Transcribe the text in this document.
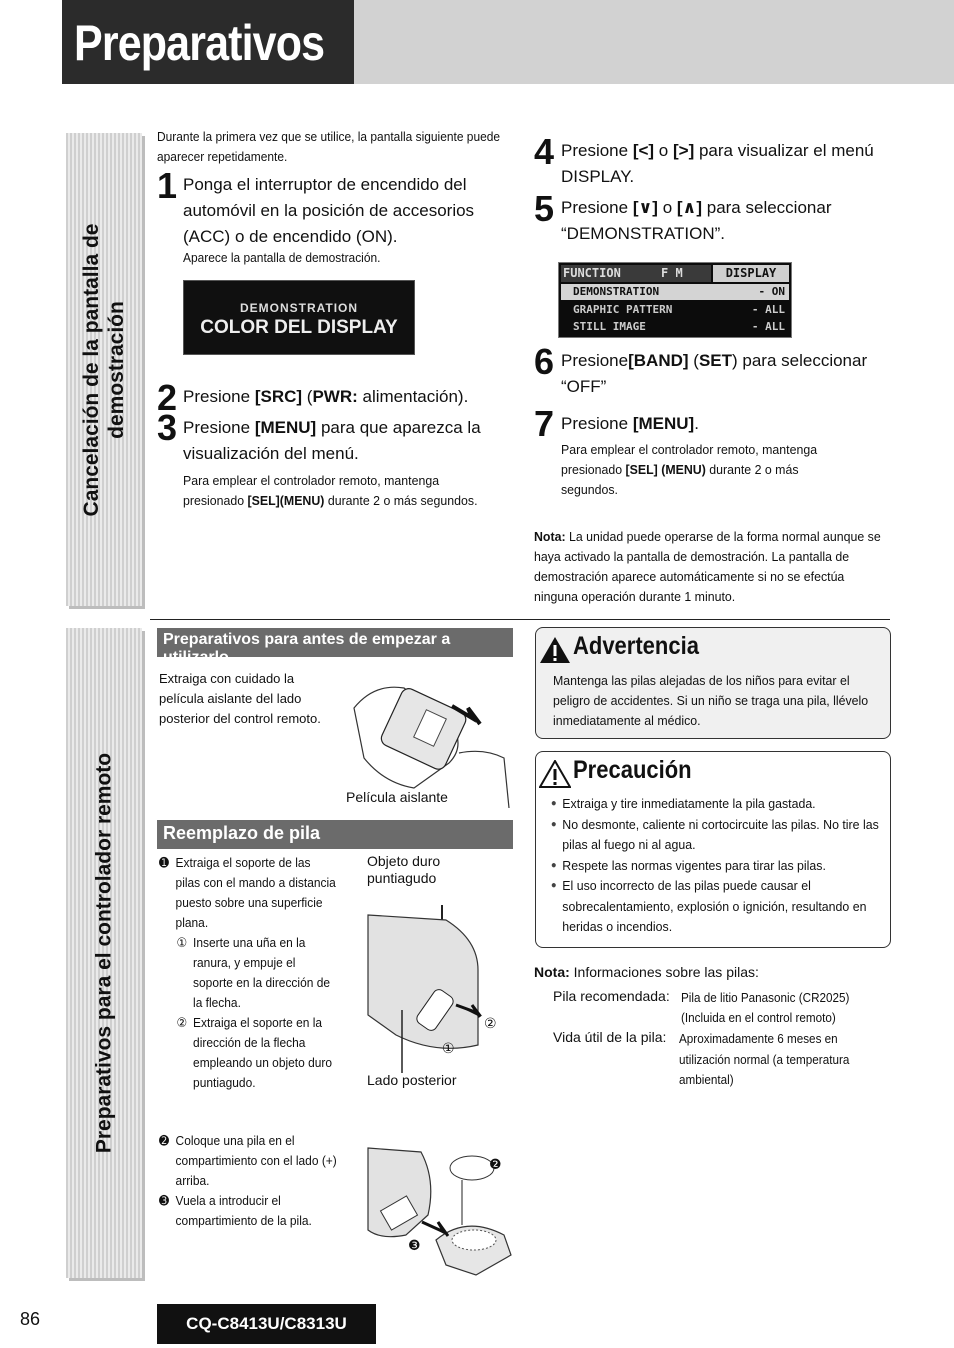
Preparativos
Cancelación de la pantalla de
demostración
Preparativos para el controlador remoto
Durante la primera vez que se utilice, la pantalla siguiente puede aparecer repetidamente.
1 Ponga el interruptor de encendido del automóvil en la posición de accesorios (ACC) o de encendido (ON).
Aparece la pantalla de demostración.
DEMONSTRATION
COLOR DEL DISPLAY
2 Presione [SRC] (PWR: alimentación).
3 Presione [MENU] para que aparezca la visualización del menú.
Para emplear el controlador remoto, mantenga presionado [SEL](MENU) durante 2 o más segundos.
4 Presione [<] o [>] para visualizar el menú DISPLAY.
5 Presione [∨] o [∧] para seleccionar “DEMONSTRATION”.
FUNCTION	F M	DISPLAY
DEMONSTRATION	- ON
GRAPHIC PATTERN	- ALL
STILL IMAGE	- ALL
6 Presione[BAND] (SET) para seleccionar “OFF”
7 Presione [MENU].
Para emplear el controlador remoto, mantenga presionado [SEL] (MENU) durante 2 o más segundos.
Nota: La unidad puede operarse de la forma normal aunque se haya activado la pantalla de demostración. La pantalla de demostración aparece automáticamente si no se efectúa ninguna operación durante 1 minuto.
Preparativos para antes de empezar a utilizarlo
Extraiga con cuidado la película aislante del lado posterior del control remoto.
Película aislante
Reemplazo de pila
➊ Extraiga el soporte de las pilas con el mando a distancia puesto sobre una superficie plana.
① Inserte una uña en la ranura, y empuje el soporte en la dirección de la flecha.
② Extraiga el soporte en la dirección de la flecha empleando un objeto duro puntiagudo.
Objeto duro
puntiagudo
②
①
Lado posterior
➋ Coloque una pila en el compartimiento con el lado (+) arriba.
➌ Vuela a introducir el compartimiento de la pila.
❷
❸
Advertencia
Mantenga las pilas alejadas de los niños para evitar el peligro de accidentes. Si un niño se traga una pila, llévelo inmediatamente al médico.
Precaución
● Extraiga y tire inmediatamente la pila gastada.
● No desmonte, caliente ni cortocircuite las pilas. No tire las pilas al fuego ni al agua.
● Respete las normas vigentes para tirar las pilas.
● El uso incorrecto de las pilas puede causar el sobrecalentamiento, explosión o ignición, resultando en heridas o incendios.
Nota: Informaciones sobre las pilas:
Pila recomendada: Pila de litio Panasonic (CR2025)
(Incluida en el control remoto)
Vida útil de la pila: Aproximadamente 6 meses en utilización normal (a temperatura ambiental)
86	CQ-C8413U/C8313U
